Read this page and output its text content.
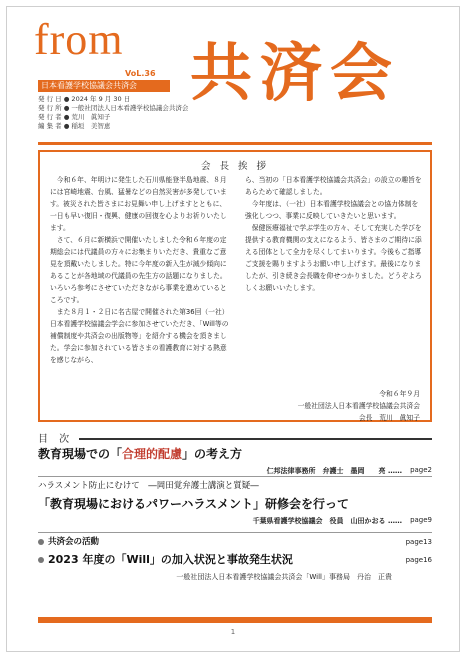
from
VoL.36
日本看護学校協議会共済会 共済会
発 行 日 ● 2024 年 9 月 30 日
発 行 所 ● 一般社団法人日本看護学校協議会共済会
発 行 者 ● 荒川　眞知子
編 集 者 ● 稲垣　美智恵
会 長 挨 拶

今和６年、年明けに発生した石川県能登半島地震、８月には宮崎地震、台風、猛暑などの自然災害が多発しています。被災された皆さまにお見舞い申し上げますとともに、一日も早い復旧・復興、健康の回復を心よりお祈りいたします。

さて、６月に新横浜で開催いたしました令和６年度の定期総会には代議員の方々にお集まりいただき、貴重なご意見を頂戴いたしました。特に今年度の新入生が減少傾向にあることが各地域の代議員の先生方の話題になりました。いろいろ参考にさせていただきながら事業を進めているところです。

また８月１・２日に名古屋で開催された第36回（一社）日本看護学校協議会学会に参加させていただき、「Will等の補償制度や共済会の出版物等」を紹介する機会を頂きました。学会に参加されている皆さまの看護教育に対する熱意を感じながら、

ら、当初の「日本看護学校協議会共済会」の設立の趣旨をあらためて確認しました。

今年度は、（一社）日本看護学校協議会との協力体制を強化しつつ、事業に反映していきたいと思います。

保健医療福祉で学ぶ学生の方々、そして充実した学びを提供する教育機関の支えになるよう、皆さまのご期待に添える団体として全力を尽くしてまいります。今後もご指導ご支援を賜りますようお願い申し上げます。最後になりましたが、引き続き会長職を仰せつかりました。どうぞよろしくお願いいたします。

令和６年９月
一般社団法人日本看護学校協議会共済会
会長　荒川　眞知子
目 次
教育現場での「合理的配慮」の考え方
仁邦法律事務所　弁護士　墨岡　　亮 …… page2
ハラスメント防止にむけて　―岡田覚弁護士講演と質疑―
「教育現場におけるパワーハラスメント」研修会を行って
千葉県看護学校協議会　役員　山田かおる …… page9
共済会の活動	page13
2023 年度の「Will」の加入状況と事故発生状況	page16
一般社団法人日本看護学校協議会共済会「Will」事務局　丹治　正貴
1
